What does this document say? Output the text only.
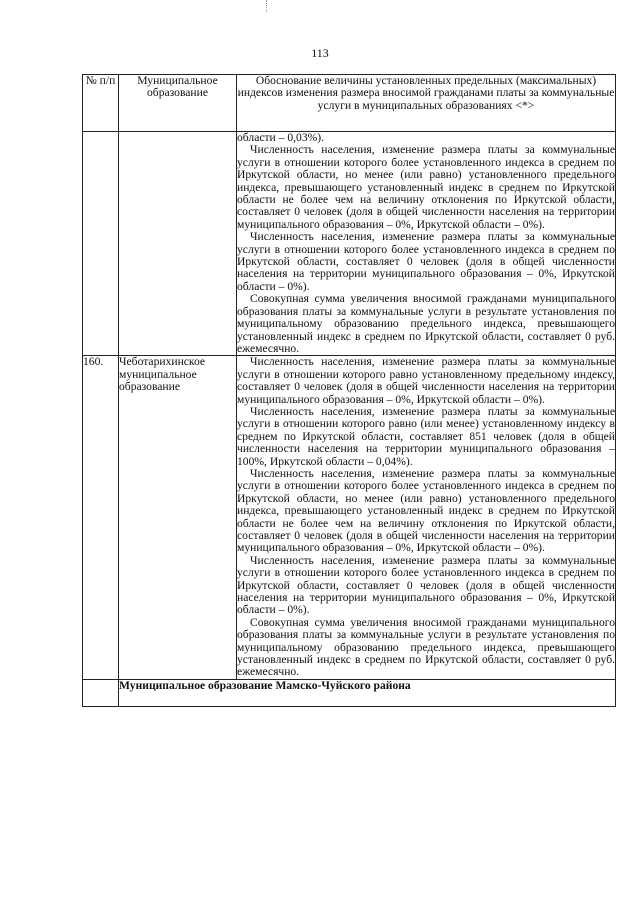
113
№ п/п	Муниципальное образование	Обоснование величины установленных предельных (максимальных) индексов изменения размера вносимой гражданами платы за коммунальные услуги в муниципальных образованиях <*>

		области – 0,03%).

Численность населения, изменение размера платы за коммунальные услуги в отношении которого более установленного индекса в среднем по Иркутской области, но менее (или равно) установленного предельного индекса, превышающего установленный индекс в среднем по Иркутской области не более чем на величину отклонения по Иркутской области, составляет 0 человек (доля в общей численности населения на территории муниципального образования – 0%, Иркутской области – 0%).

Численность населения, изменение размера платы за коммунальные услуги в отношении которого более установленного индекса в среднем по Иркутской области, составляет 0 человек (доля в общей численности населения на территории муниципального образования – 0%, Иркутской области – 0%).

Совокупная сумма увеличения вносимой гражданами муниципального образования платы за коммунальные услуги в результате установления по муниципальному образованию предельного индекса, превышающего установленный индекс в среднем по Иркутской области, составляет 0 руб. ежемесячно.

160.	Чеботарихинское муниципальное образование	Численность населения, изменение размера платы за коммунальные услуги в отношении которого равно установленному предельному индексу, составляет 0 человек (доля в общей численности населения на территории муниципального образования – 0%, Иркутской области – 0%).

Численность населения, изменение размера платы за коммунальные услуги в отношении которого равно (или менее) установленному индексу в среднем по Иркутской области, составляет 851 человек (доля в общей численности населения на территории муниципального образования – 100%, Иркутской области – 0,04%).

Численность населения, изменение размера платы за коммунальные услуги в отношении которого более установленного индекса в среднем по Иркутской области, но менее (или равно) установленного предельного индекса, превышающего установленный индекс в среднем по Иркутской области не более чем на величину отклонения по Иркутской области, составляет 0 человек (доля в общей численности населения на территории муниципального образования – 0%, Иркутской области – 0%).

Численность населения, изменение размера платы за коммунальные услуги в отношении которого более установленного индекса в среднем по Иркутской области, составляет 0 человек (доля в общей численности населения на территории муниципального образования – 0%, Иркутской области – 0%).

Совокупная сумма увеличения вносимой гражданами муниципального образования платы за коммунальные услуги в результате установления по муниципальному образованию предельного индекса, превышающего установленный индекс в среднем по Иркутской области, составляет 0 руб. ежемесячно.

	Муниципальное образование Мамско-Чуйского района	
